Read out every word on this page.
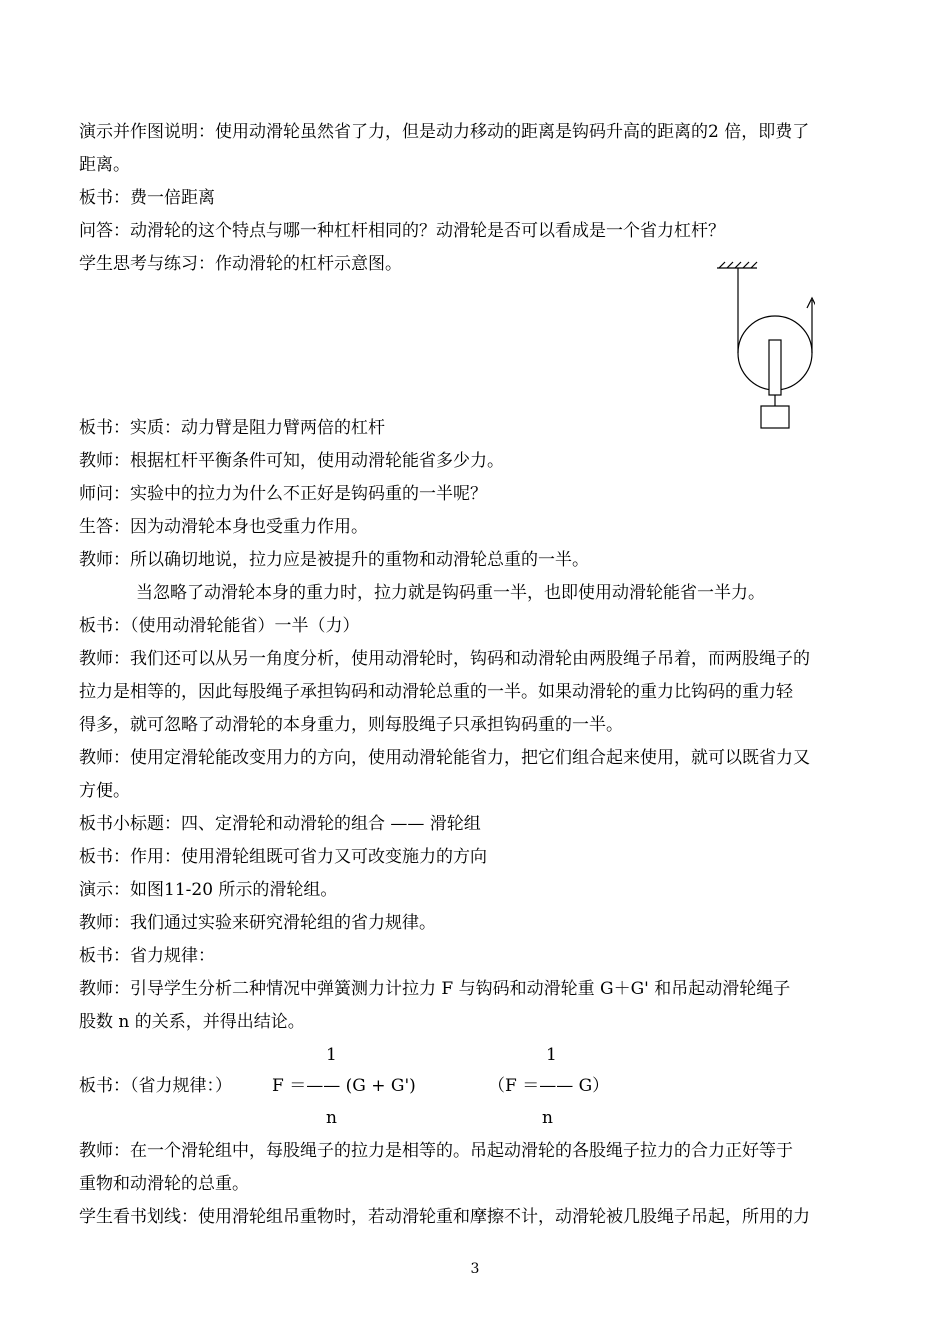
演示并作图说明：使用动滑轮虽然省了力，但是动力移动的距离是钩码升高的距离的2 倍，即费了
距离。
板书：费一倍距离
问答：动滑轮的这个特点与哪一种杠杆相同的？动滑轮是否可以看成是一个省力杠杆？
学生思考与练习：作动滑轮的杠杆示意图。
板书：实质：动力臂是阻力臂两倍的杠杆
教师：根据杠杆平衡条件可知，使用动滑轮能省多少力。
师问：实验中的拉力为什么不正好是钩码重的一半呢？
生答：因为动滑轮本身也受重力作用。
教师：所以确切地说，拉力应是被提升的重物和动滑轮总重的一半。
当忽略了动滑轮本身的重力时，拉力就是钩码重一半，也即使用动滑轮能省一半力。
板书：（使用动滑轮能省）一半（力）
教师：我们还可以从另一角度分析，使用动滑轮时，钩码和动滑轮由两股绳子吊着，而两股绳子的
拉力是相等的，因此每股绳子承担钩码和动滑轮总重的一半。如果动滑轮的重力比钩码的重力轻
得多，就可忽略了动滑轮的本身重力，则每股绳子只承担钩码重的一半。
教师：使用定滑轮能改变用力的方向，使用动滑轮能省力，把它们组合起来使用，就可以既省力又
方便。
板书小标题：四、定滑轮和动滑轮的组合 —— 滑轮组
板书：作用：使用滑轮组既可省力又可改变施力的方向
演示：如图11-20 所示的滑轮组。
教师：我们通过实验来研究滑轮组的省力规律。
板书：省力规律：
教师：引导学生分析二种情况中弹簧测力计拉力 F 与钩码和动滑轮重 G＋G' 和吊起动滑轮绳子
股数 n 的关系，并得出结论。
1	1
板书：（省力规律：） F ＝—— (G + G')	（F ＝—— G）
n	n
教师：在一个滑轮组中，每股绳子的拉力是相等的。吊起动滑轮的各股绳子拉力的合力正好等于
重物和动滑轮的总重。
学生看书划线：使用滑轮组吊重物时，若动滑轮重和摩擦不计，动滑轮被几股绳子吊起，所用的力
3
